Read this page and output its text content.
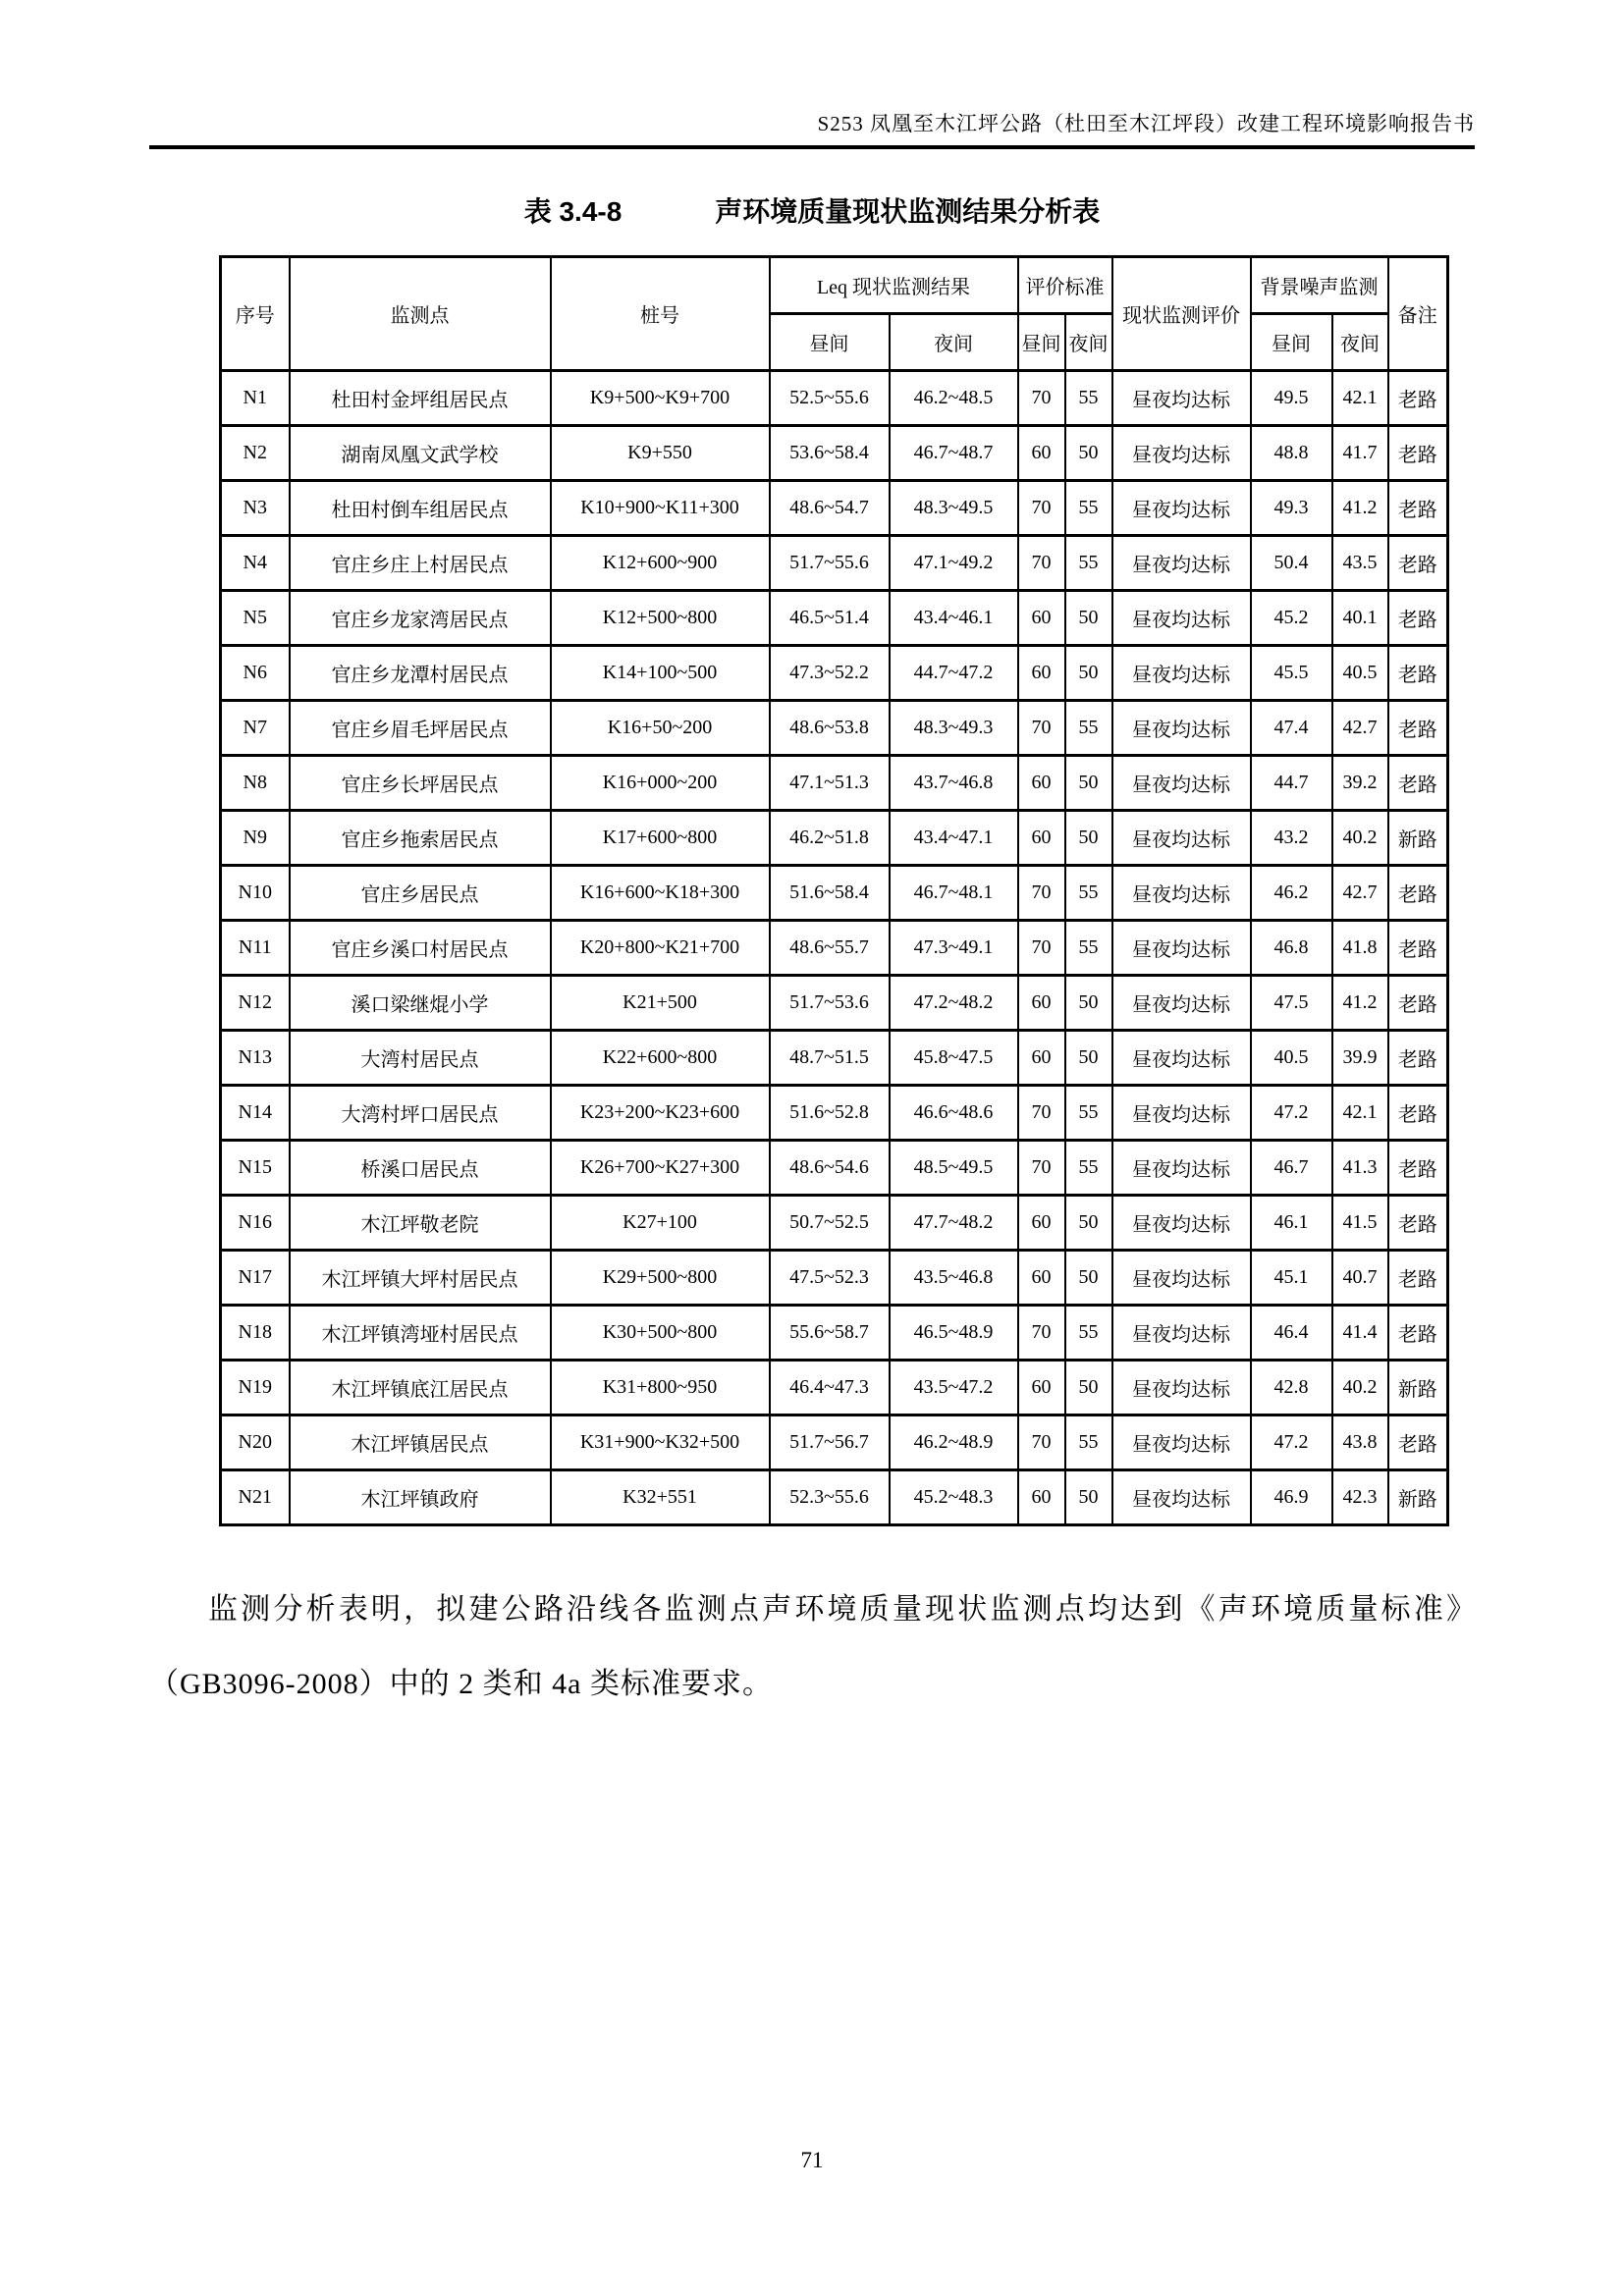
S253 凤凰至木江坪公路（杜田至木江坪段）改建工程环境影响报告书
表 3.4-8	声环境质量现状监测结果分析表
序号	监测点	桩号	Leq 现状监测结果		评价标准		现状监测评价	背景噪声监测		备注
			昼间	夜间	昼间	夜间		昼间	夜间	
N1	杜田村金坪组居民点	K9+500~K9+700	52.5~55.6	46.2~48.5	70	55	昼夜均达标	49.5	42.1	老路
N2	湖南凤凰文武学校	K9+550	53.6~58.4	46.7~48.7	60	50	昼夜均达标	48.8	41.7	老路
N3	杜田村倒车组居民点	K10+900~K11+300	48.6~54.7	48.3~49.5	70	55	昼夜均达标	49.3	41.2	老路
N4	官庄乡庄上村居民点	K12+600~900	51.7~55.6	47.1~49.2	70	55	昼夜均达标	50.4	43.5	老路
N5	官庄乡龙家湾居民点	K12+500~800	46.5~51.4	43.4~46.1	60	50	昼夜均达标	45.2	40.1	老路
N6	官庄乡龙潭村居民点	K14+100~500	47.3~52.2	44.7~47.2	60	50	昼夜均达标	45.5	40.5	老路
N7	官庄乡眉毛坪居民点	K16+50~200	48.6~53.8	48.3~49.3	70	55	昼夜均达标	47.4	42.7	老路
N8	官庄乡长坪居民点	K16+000~200	47.1~51.3	43.7~46.8	60	50	昼夜均达标	44.7	39.2	老路
N9	官庄乡拖索居民点	K17+600~800	46.2~51.8	43.4~47.1	60	50	昼夜均达标	43.2	40.2	新路
N10	官庄乡居民点	K16+600~K18+300	51.6~58.4	46.7~48.1	70	55	昼夜均达标	46.2	42.7	老路
N11	官庄乡溪口村居民点	K20+800~K21+700	48.6~55.7	47.3~49.1	70	55	昼夜均达标	46.8	41.8	老路
N12	溪口梁继焜小学	K21+500	51.7~53.6	47.2~48.2	60	50	昼夜均达标	47.5	41.2	老路
N13	大湾村居民点	K22+600~800	48.7~51.5	45.8~47.5	60	50	昼夜均达标	40.5	39.9	老路
N14	大湾村坪口居民点	K23+200~K23+600	51.6~52.8	46.6~48.6	70	55	昼夜均达标	47.2	42.1	老路
N15	桥溪口居民点	K26+700~K27+300	48.6~54.6	48.5~49.5	70	55	昼夜均达标	46.7	41.3	老路
N16	木江坪敬老院	K27+100	50.7~52.5	47.7~48.2	60	50	昼夜均达标	46.1	41.5	老路
N17	木江坪镇大坪村居民点	K29+500~800	47.5~52.3	43.5~46.8	60	50	昼夜均达标	45.1	40.7	老路
N18	木江坪镇湾垭村居民点	K30+500~800	55.6~58.7	46.5~48.9	70	55	昼夜均达标	46.4	41.4	老路
N19	木江坪镇底江居民点	K31+800~950	46.4~47.3	43.5~47.2	60	50	昼夜均达标	42.8	40.2	新路
N20	木江坪镇居民点	K31+900~K32+500	51.7~56.7	46.2~48.9	70	55	昼夜均达标	47.2	43.8	老路
N21	木江坪镇政府	K32+551	52.3~55.6	45.2~48.3	60	50	昼夜均达标	46.9	42.3	新路

监测分析表明，拟建公路沿线各监测点声环境质量现状监测点均达到《声环境质量标准》（GB3096-2008）中的 2 类和 4a 类标准要求。

71
